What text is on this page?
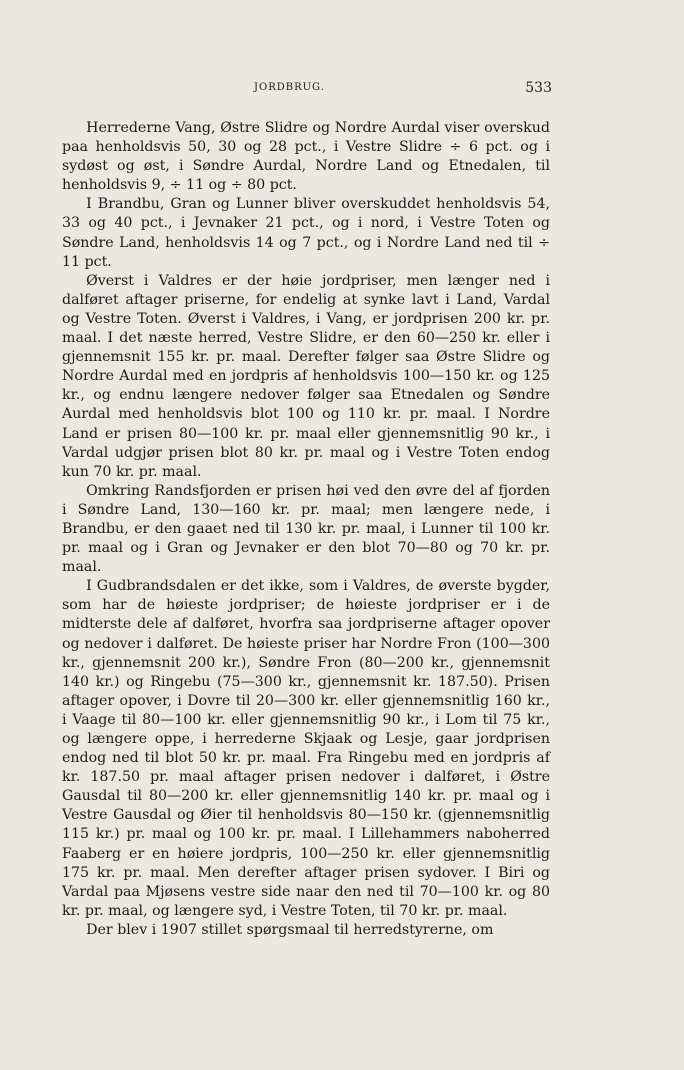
JORDBRUG.	533

Herrederne Vang, Østre Slidre og Nordre Aurdal viser overskud paa henholdsvis 50, 30 og 28 pct., i Vestre Slidre ÷ 6 pct. og i sydøst og øst, i Søndre Aurdal, Nordre Land og Etnedalen, til henholdsvis 9, ÷ 11 og ÷ 80 pct.

I Brandbu, Gran og Lunner bliver overskuddet henholdsvis 54, 33 og 40 pct., i Jevnaker 21 pct., og i nord, i Vestre Toten og Søndre Land, henholdsvis 14 og 7 pct., og i Nordre Land ned til ÷ 11 pct.

Øverst i Valdres er der høie jordpriser, men længer ned i dalføret aftager priserne, for endelig at synke lavt i Land, Vardal og Vestre Toten. Øverst i Valdres, i Vang, er jordprisen 200 kr. pr. maal. I det næste herred, Vestre Slidre, er den 60—250 kr. eller i gjennemsnit 155 kr. pr. maal. Derefter følger saa Østre Slidre og Nordre Aurdal med en jordpris af henholdsvis 100—150 kr. og 125 kr., og endnu længere nedover følger saa Etnedalen og Søndre Aurdal med henholdsvis blot 100 og 110 kr. pr. maal. I Nordre Land er prisen 80—100 kr. pr. maal eller gjennemsnitlig 90 kr., i Vardal udgjør prisen blot 80 kr. pr. maal og i Vestre Toten endog kun 70 kr. pr. maal.

Omkring Randsfjorden er prisen høi ved den øvre del af fjorden i Søndre Land, 130—160 kr. pr. maal; men længere nede, i Brandbu, er den gaaet ned til 130 kr. pr. maal, i Lunner til 100 kr. pr. maal og i Gran og Jevnaker er den blot 70—80 og 70 kr. pr. maal.

I Gudbrandsdalen er det ikke, som i Valdres, de øverste bygder, som har de høieste jordpriser; de høieste jordpriser er i de midterste dele af dalføret, hvorfra saa jordpriserne aftager opover og nedover i dalføret. De høieste priser har Nordre Fron (100—300 kr., gjennemsnit 200 kr.), Søndre Fron (80—200 kr., gjennemsnit 140 kr.) og Ringebu (75—300 kr., gjennemsnit kr. 187.50). Prisen aftager opover, i Dovre til 20—300 kr. eller gjennemsnitlig 160 kr., i Vaage til 80—100 kr. eller gjennemsnitlig 90 kr., i Lom til 75 kr., og længere oppe, i herrederne Skjaak og Lesje, gaar jordprisen endog ned til blot 50 kr. pr. maal. Fra Ringebu med en jordpris af kr. 187.50 pr. maal aftager prisen nedover i dalføret, i Østre Gausdal til 80—200 kr. eller gjennemsnitlig 140 kr. pr. maal og i Vestre Gausdal og Øier til henholdsvis 80—150 kr. (gjennemsnitlig 115 kr.) pr. maal og 100 kr. pr. maal. I Lillehammers naboherred Faaberg er en høiere jordpris, 100—250 kr. eller gjennemsnitlig 175 kr. pr. maal. Men derefter aftager prisen sydover. I Biri og Vardal paa Mjøsens vestre side naar den ned til 70—100 kr. og 80 kr. pr. maal, og længere syd, i Vestre Toten, til 70 kr. pr. maal.

Der blev i 1907 stillet spørgsmaal til herredstyrerne, om
